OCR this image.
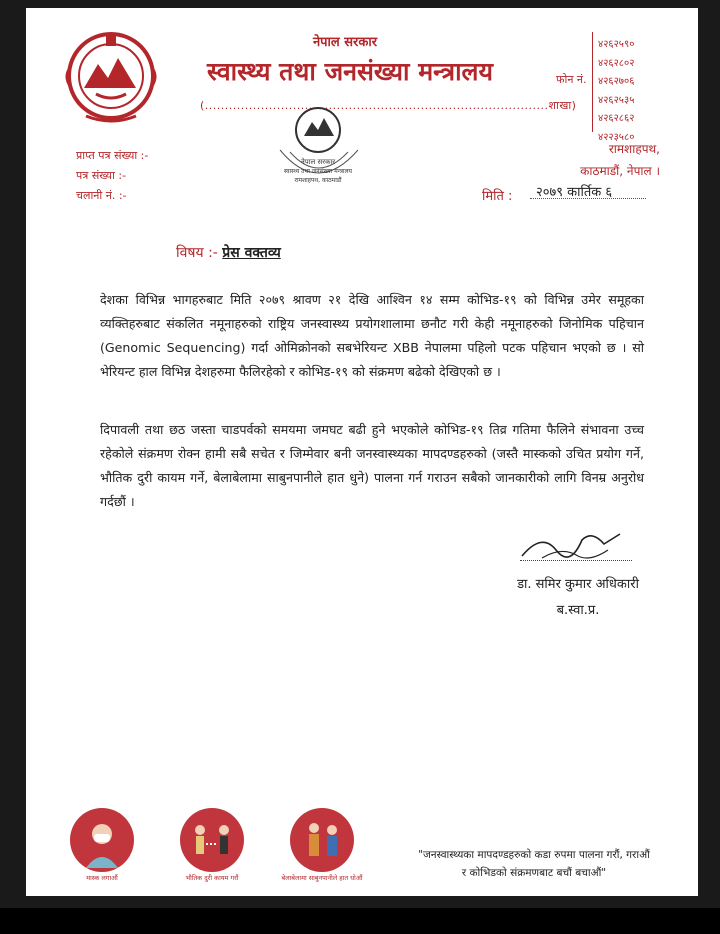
नेपाल सरकार
स्वास्थ्य तथा जनसंख्या मन्त्रालय
(......................................................................................शाखा)
फोन नं.
४२६२५९०
४२६२८०२
४२६२७०६
४२६२५३५
४२६२८६२
४२२३५८०
रामशाहपथ,
काठमाडौं, नेपाल ।
प्राप्त पत्र संख्या :-
पत्र संख्या :-
चलानी नं. :-
नेपाल सरकार
स्वास्थ्य तथा जनसंख्या मन्त्रालय
रामशाहपथ, काठमाडौं
मिति : २०७९ कार्तिक ६
विषय :- प्रेस वक्तव्य
देशका विभिन्न भागहरुबाट मिति २०७९ श्रावण २१ देखि आश्विन १४ सम्म कोभिड-१९ को विभिन्न उमेर समूहका व्यक्तिहरुबाट संकलित नमूनाहरुको राष्ट्रिय जनस्वास्थ्य प्रयोगशालामा छनौट गरी केही नमूनाहरुको जिनोमिक पहिचान (Genomic Sequencing) गर्दा ओमिक्रोनको सबभेरियन्ट XBB नेपालमा पहिलो पटक पहिचान भएको छ । सो भेरियन्ट हाल विभिन्न देशहरुमा फैलिरहेको र कोभिड-१९ को संक्रमण बढेको देखिएको छ ।
दिपावली तथा छठ जस्ता चाडपर्वको समयमा जमघट बढी हुने भएकोले कोभिड-१९ तिव्र गतिमा फैलिने संभावना उच्च रहेकोले संक्रमण रोक्न हामी सबै सचेत र जिम्मेवार बनी जनस्वास्थ्यका मापदण्डहरुको (जस्तै मास्कको उचित प्रयोग गर्ने, भौतिक दुरी कायम गर्ने, बेलाबेलामा साबुनपानीले हात धुने) पालना गर्न गराउन सबैको जानकारीको लागि विनम्र अनुरोध गर्दछौं ।
डा. समिर कुमार अधिकारी
ब.स्वा.प्र.
मास्क लगाऔं	भौतिक दुरी कायम गरौं	बेलाबेलामा साबुनपानीले हात धोऔं
"जनस्वास्थ्यका मापदण्डहरुको कडा रुपमा पालना गरौं, गराऔं
र कोभिडको संक्रमणबाट बचौं बचाऔं"
